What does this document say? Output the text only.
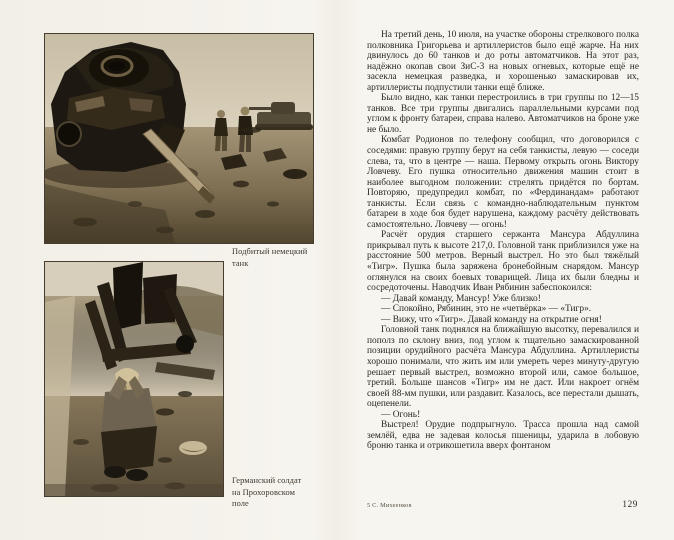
Подбитый немецкий
танк
Германский солдат
на Прохоровском
поле

На третий день, 10 июля, на участке обороны стрелкового полка полковника Григорьева и артиллеристов было ещё жарче. На них двинулось до 60 танков и до роты автоматчиков. На этот раз, надёжно окопав свои ЗиС-3 на новых огневых, которые ещё не засекла немецкая разведка, и хорошенько замаскировав их, артиллеристы подпустили танки ещё ближе.

Было видно, как танки перестроились в три группы по 12—15 танков. Все три группы двигались параллельными курсами под углом к фронту батареи, справа налево. Автоматчиков на броне уже не было.

Комбат Родионов по телефону сообщил, что договорился с соседями: правую группу берут на себя танкисты, левую — соседи слева, та, что в центре — наша. Первому открыть огонь Виктору Ловчеву. Его пушка относительно движения машин стоит в наиболее выгодном положении: стрелять придётся по бортам. Повторяю, предупредил комбат, по «Фердинандам» работают танкисты. Если связь с командно-наблюдательным пунктом батареи в ходе боя будет нарушена, каждому расчёту действовать самостоятельно. Ловчеву — огонь!

Расчёт орудия старшего сержанта Мансура Абдуллина прикрывал путь к высоте 217,0. Головной танк приблизился уже на расстояние 500 метров. Верный выстрел. Но это был тяжёлый «Тигр». Пушка была заряжена бронебойным снарядом. Мансур оглянулся на своих боевых товарищей. Лица их были бледны и сосредоточены. Наводчик Иван Рябинин забеспокоился:

— Давай команду, Мансур! Уже близко!

— Спокойно, Рябинин, это не «четвёрка» — «Тигр».

— Вижу, что «Тигр». Давай команду на открытие огня!

Головной танк поднялся на ближайшую высотку, перевалился и пополз по склону вниз, под углом к тщательно замаскированной позиции орудийного расчёта Мансура Абдуллина. Артиллеристы хорошо понимали, что жить им или умереть через минуту-другую решает первый выстрел, возможно второй или, самое большое, третий. Больше шансов «Тигр» им не даст. Или накроет огнём своей 88-мм пушки, или раздавит. Казалось, все перестали дышать, оцепенели.

— Огонь!

Выстрел! Орудие подпрыгнуло. Трасса прошла над самой землёй, едва не задевая колосья пшеницы, ударила в лобовую броню танка и отрикошетила вверх фонтаном

5 С. Михеенков	129
